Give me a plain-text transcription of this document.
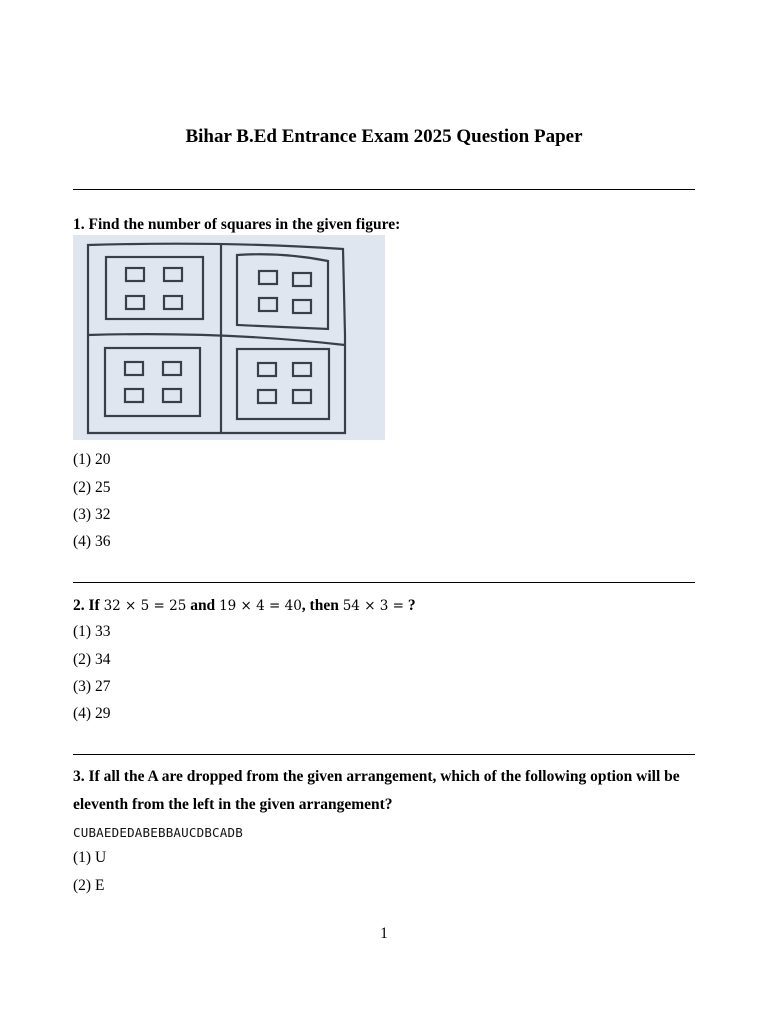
Bihar B.Ed Entrance Exam 2025 Question Paper

1. Find the number of squares in the given figure:

(1) 20

(2) 25

(3) 32

(4) 36

2. If 32 × 5 = 25 and 19 × 4 = 40, then 54 × 3 = ?

(1) 33

(2) 34

(3) 27

(4) 29

3. If all the A are dropped from the given arrangement, which of the following option will be eleventh from the left in the given arrangement?

CUBAEDEDABEBBAUCDBCADB

(1) U

(2) E

1
